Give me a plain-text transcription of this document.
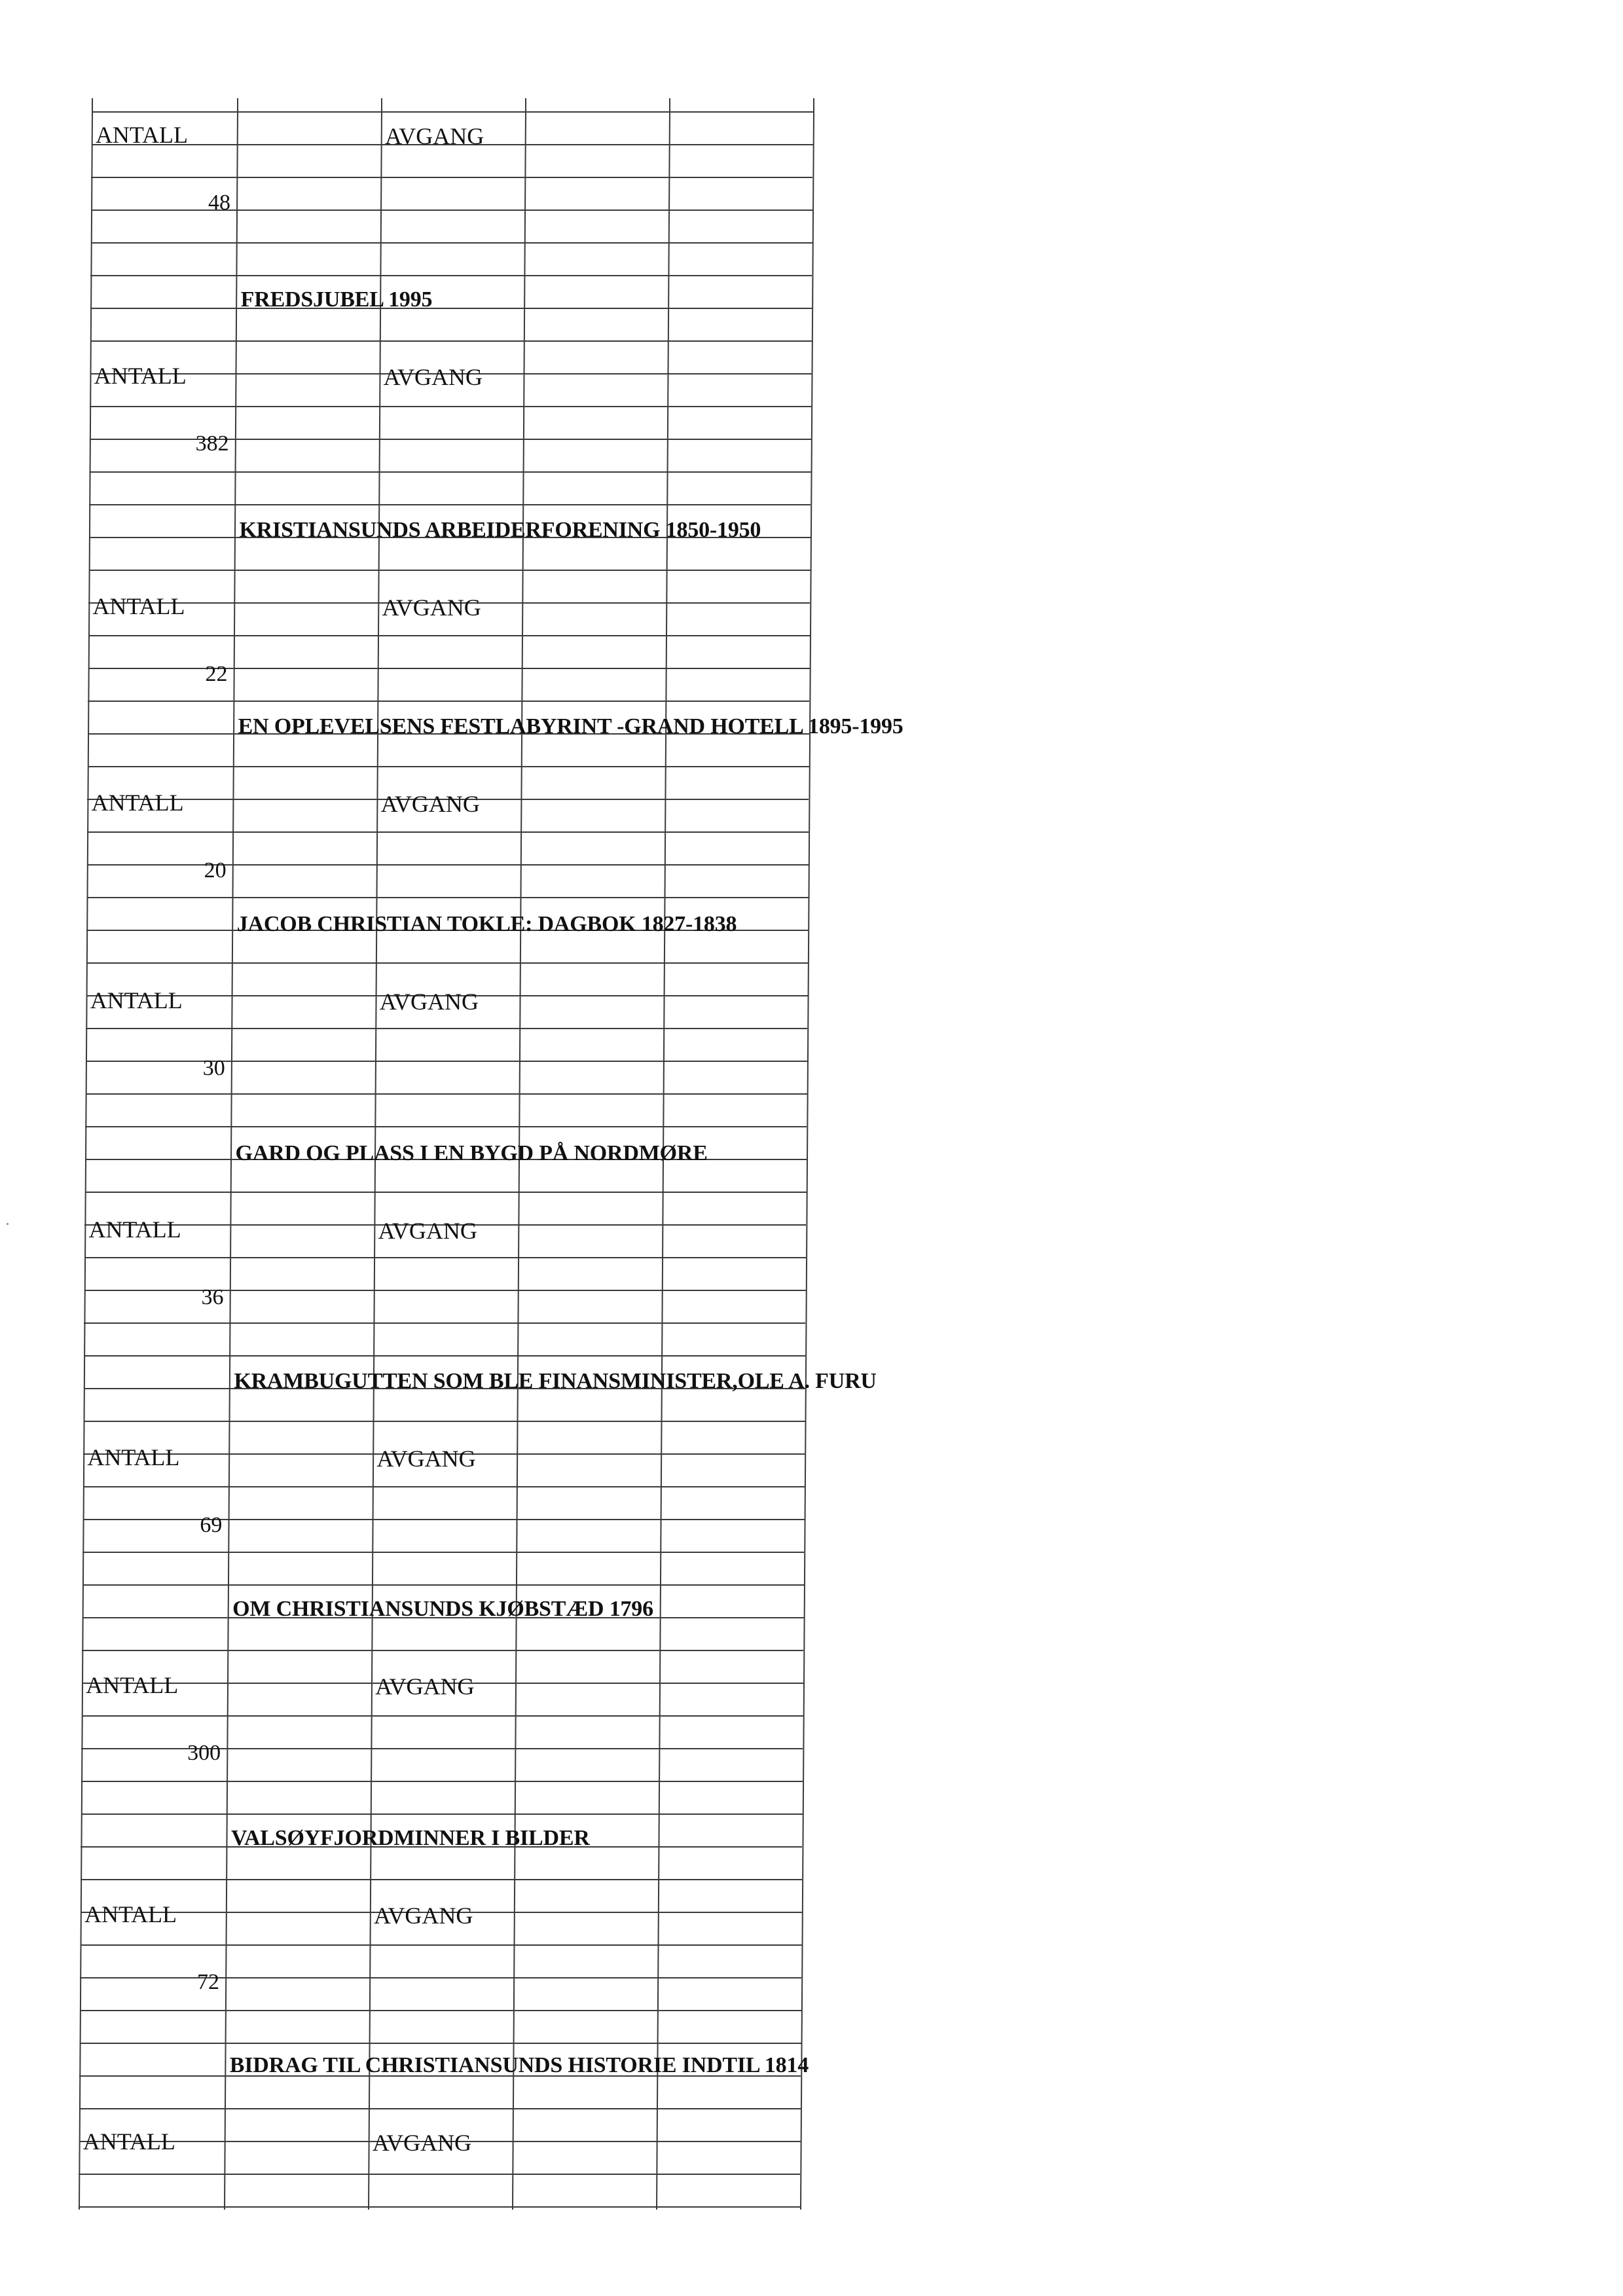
ANTALL	AVGANG
48
FREDSJUBEL 1995
ANTALL	AVGANG
382
KRISTIANSUNDS ARBEIDERFORENING 1850-1950
ANTALL	AVGANG
22
EN OPLEVELSENS FESTLABYRINT -GRAND HOTELL 1895-1995
ANTALL	AVGANG
20
JACOB CHRISTIAN TOKLE: DAGBOK 1827-1838
ANTALL	AVGANG
30
GARD OG PLASS I EN BYGD PÅ NORDMØRE
ANTALL	AVGANG
36
KRAMBUGUTTEN SOM BLE FINANSMINISTER,OLE A. FURU
ANTALL	AVGANG
69
OM CHRISTIANSUNDS KJØBSTÆD 1796
ANTALL	AVGANG
300
VALSØYFJORDMINNER I BILDER
ANTALL	AVGANG
72
BIDRAG TIL CHRISTIANSUNDS HISTORIE INDTIL 1814
ANTALL	AVGANG
